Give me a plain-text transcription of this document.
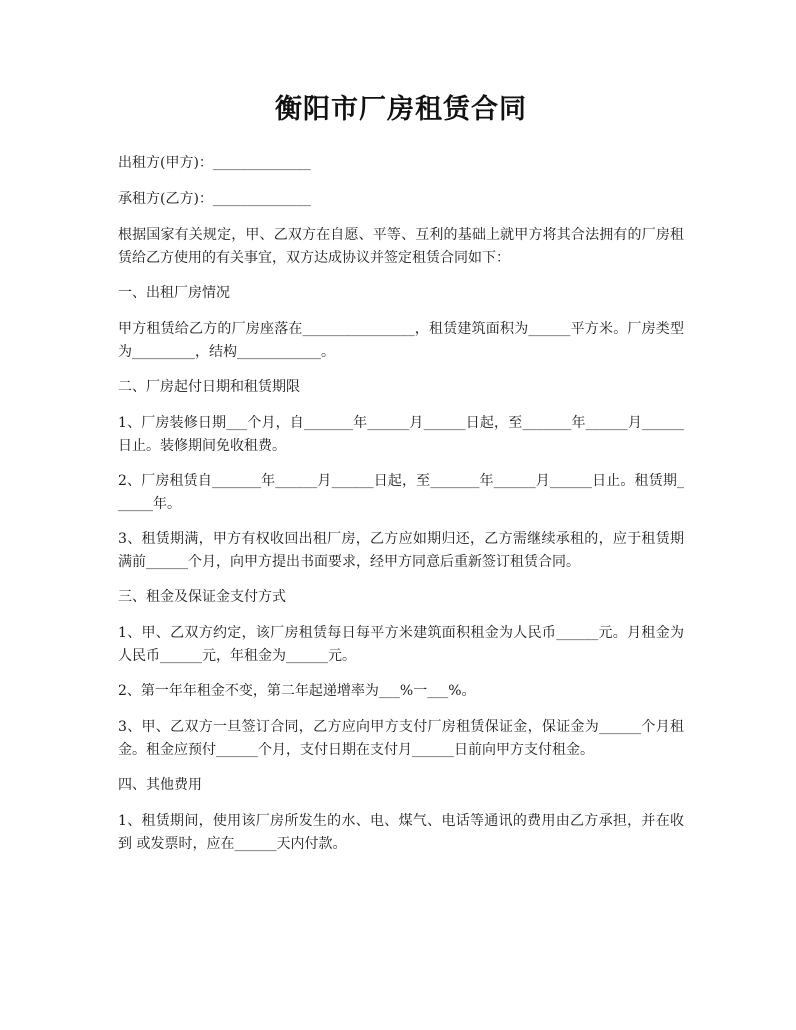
衡阳市厂房租赁合同

出租方(甲方)：______________

承租方(乙方)：______________

根据国家有关规定，甲、乙双方在自愿、平等、互利的基础上就甲方将其合法拥有的厂房租赁给乙方使用的有关事宜，双方达成协议并签定租赁合同如下：

一、出租厂房情况

甲方租赁给乙方的厂房座落在________________，租赁建筑面积为______平方米。厂房类型为_________，结构____________。

二、厂房起付日期和租赁期限

1、厂房装修日期___个月，自_______年______月______日起，至_______年______月______日止。装修期间免收租费。

2、厂房租赁自_______年______月______日起，至_______年______月______日止。租赁期______年。

3、租赁期满，甲方有权收回出租厂房，乙方应如期归还，乙方需继续承租的，应于租赁期满前______个月，向甲方提出书面要求，经甲方同意后重新签订租赁合同。

三、租金及保证金支付方式

1、甲、乙双方约定，该厂房租赁每日每平方米建筑面积租金为人民币______元。月租金为人民币______元，年租金为______元。

2、第一年年租金不变，第二年起递增率为___%一___%。

3、甲、乙双方一旦签订合同，乙方应向甲方支付厂房租赁保证金，保证金为______个月租金。租金应预付______个月，支付日期在支付月______日前向甲方支付租金。

四、其他费用

1、租赁期间，使用该厂房所发生的水、电、煤气、电话等通讯的费用由乙方承担，并在收到 或发票时，应在______天内付款。
